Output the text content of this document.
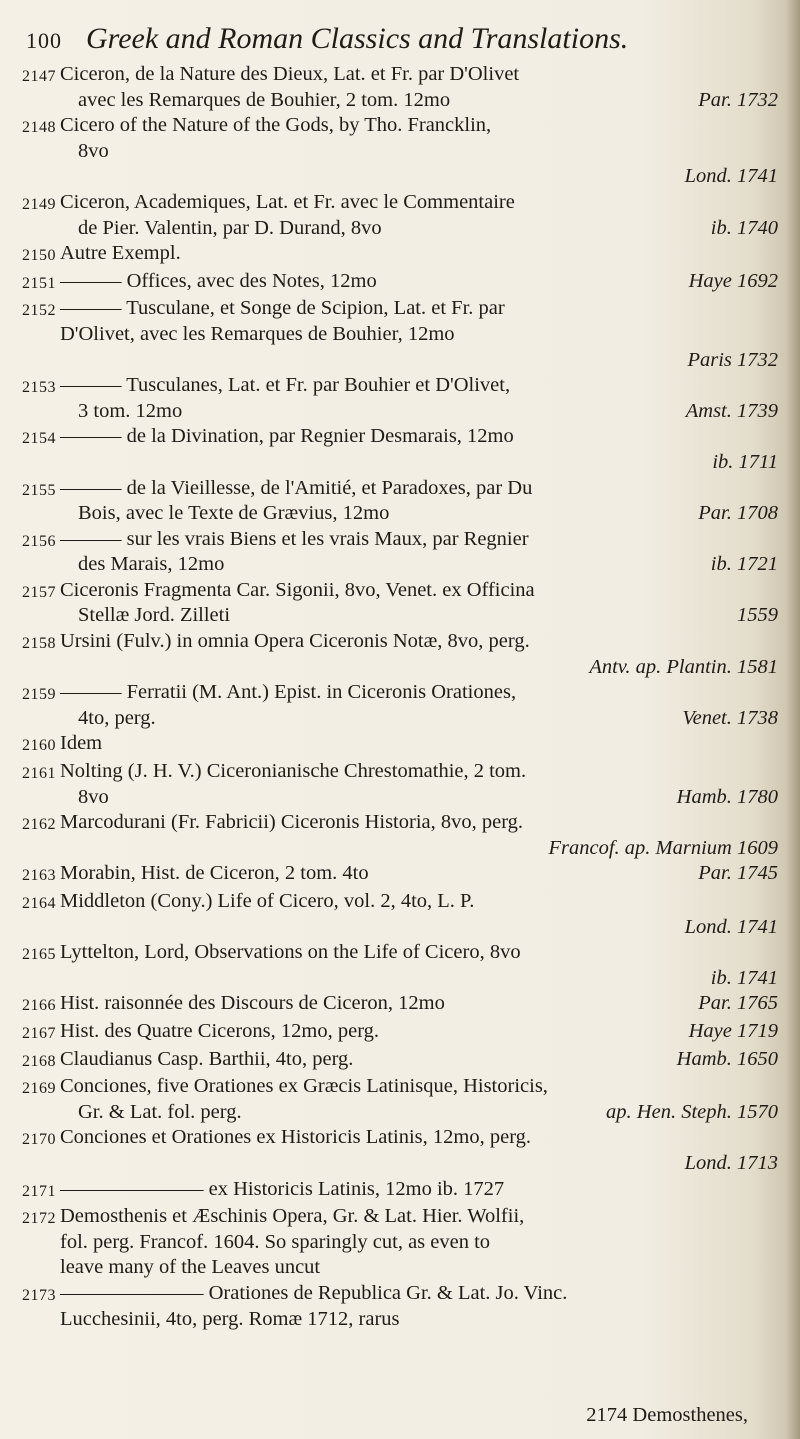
100 Greek and Roman Classics and Translations.
2147 Ciceron, de la Nature des Dieux, Lat. et Fr. par D'Olivet
avec les Remarques de Bouhier, 2 tom. 12mo	Par. 1732
2148 Cicero of the Nature of the Gods, by Tho. Francklin,
8vo
Lond. 1741
2149 Ciceron, Academiques, Lat. et Fr. avec le Commentaire
de Pier. Valentin, par D. Durand, 8vo	ib. 1740
2150 Autre Exempl.
2151 ——— Offices, avec des Notes, 12mo	Haye 1692
2152 ——— Tusculane, et Songe de Scipion, Lat. et Fr. par
D'Olivet, avec les Remarques de Bouhier, 12mo
Paris 1732
2153 ——— Tusculanes, Lat. et Fr. par Bouhier et D'Olivet,
3 tom. 12mo	Amst. 1739
2154 ——— de la Divination, par Regnier Desmarais, 12mo
ib. 1711
2155 ——— de la Vieillesse, de l'Amitié, et Paradoxes, par Du
Bois, avec le Texte de Grævius, 12mo	Par. 1708
2156 ——— sur les vrais Biens et les vrais Maux, par Regnier
des Marais, 12mo	ib. 1721
2157 Ciceronis Fragmenta Car. Sigonii, 8vo, Venet. ex Officina
Stellæ Jord. Zilleti	1559
2158 Ursini (Fulv.) in omnia Opera Ciceronis Notæ, 8vo, perg.
Antv. ap. Plantin. 1581
2159 ——— Ferratii (M. Ant.) Epist. in Ciceronis Orationes,
4to, perg.	Venet. 1738
2160 Idem
2161 Nolting (J. H. V.) Ciceronianische Chrestomathie, 2 tom.
8vo	Hamb. 1780
2162 Marcodurani (Fr. Fabricii) Ciceronis Historia, 8vo, perg.
Francof. ap. Marnium 1609
2163 Morabin, Hist. de Ciceron, 2 tom. 4to	Par. 1745
2164 Middleton (Cony.) Life of Cicero, vol. 2, 4to, L. P.
Lond. 1741
2165 Lyttelton, Lord, Observations on the Life of Cicero, 8vo
ib. 1741
2166 Hist. raisonnée des Discours de Ciceron, 12mo	Par. 1765
2167 Hist. des Quatre Cicerons, 12mo, perg.	Haye 1719
2168 Claudianus Casp. Barthii, 4to, perg.	Hamb. 1650
2169 Conciones, five Orationes ex Græcis Latinisque, Historicis,
Gr. & Lat. fol. perg.	ap. Hen. Steph. 1570
2170 Conciones et Orationes ex Historicis Latinis, 12mo, perg.
Lond. 1713
2171 ——————— ex Historicis Latinis, 12mo ib. 1727
2172 Demosthenis et Æschinis Opera, Gr. & Lat. Hier. Wolfii,
fol. perg. Francof. 1604. So sparingly cut, as even to
leave many of the Leaves uncut
2173 ——————— Orationes de Republica Gr. & Lat. Jo. Vinc.
Lucchesinii, 4to, perg. Romæ 1712, rarus
2174 Demosthenes,
